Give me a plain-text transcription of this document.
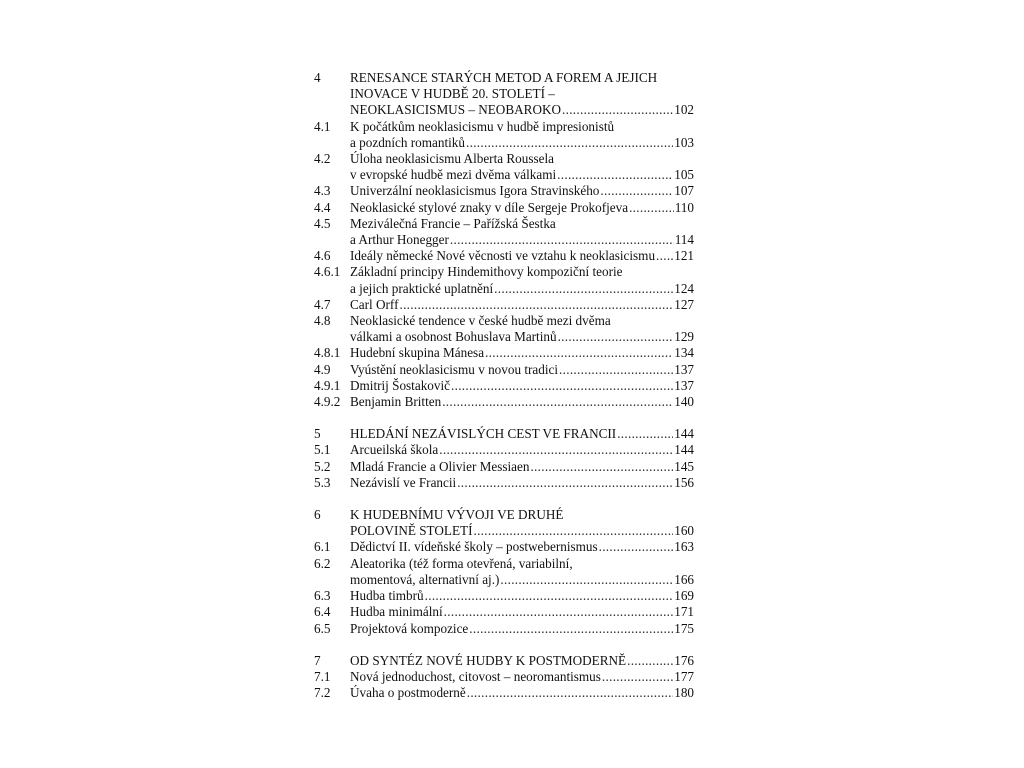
4	RENESANCE STARÝCH METOD A FOREM A JEJICH
INOVACE V HUDBĚ 20. STOLETÍ –
NEOKLASICISMUS – NEOBAROKO .....	102
4.1	K počátkům neoklasicismu v hudbě impresionistů
a pozdních romantiků .....	103
4.2	Úloha neoklasicismu Alberta Roussela
v evropské hudbě mezi dvěma válkami .....	105
4.3	Univerzální neoklasicismus Igora Stravinského .....	107
4.4	Neoklasické stylové znaky v díle Sergeje Prokofjeva .....	110
4.5	Meziválečná Francie – Pařížská Šestka
a Arthur Honegger .....	114
4.6	Ideály německé Nové věcnosti ve vztahu k neoklasicismu ..... 121
4.6.1 Základní principy Hindemithovy kompoziční teorie
a jejich praktické uplatnění .....	124
4.7	Carl Orff .....	127
4.8	Neoklasické tendence v české hudbě mezi dvěma
válkami a osobnost Bohuslava Martinů .....	129
4.8.1 Hudební skupina Mánesa .....	134
4.9	Vyústění neoklasicismu v novou tradici .....	137
4.9.1 Dmitrij Šostakovič .....	137
4.9.2 Benjamin Britten .....	140
5	HLEDÁNÍ NEZÁVISLÝCH CEST VE FRANCII .....	144
5.1	Arcueilská škola .....	144
5.2	Mladá Francie a Olivier Messiaen .....	145
5.3	Nezávislí ve Francii .....	156
6	K HUDEBNÍMU VÝVOJI VE DRUHÉ
POLOVINĚ STOLETÍ .....	160
6.1	Dědictví II. vídeňské školy – postwebernismus .....	163
6.2	Aleatorika (též forma otevřená, variabilní,
momentová, alternativní aj.) .....	166
6.3	Hudba timbrů .....	169
6.4	Hudba minimální .....	171
6.5	Projektová kompozice .....	175
7	OD SYNTÉZ NOVÉ HUDBY K POSTMODERNĚ .....	176
7.1	Nová jednoduchost, citovost – neoromantismus .....	177
7.2	Úvaha o postmoderně .....	180
